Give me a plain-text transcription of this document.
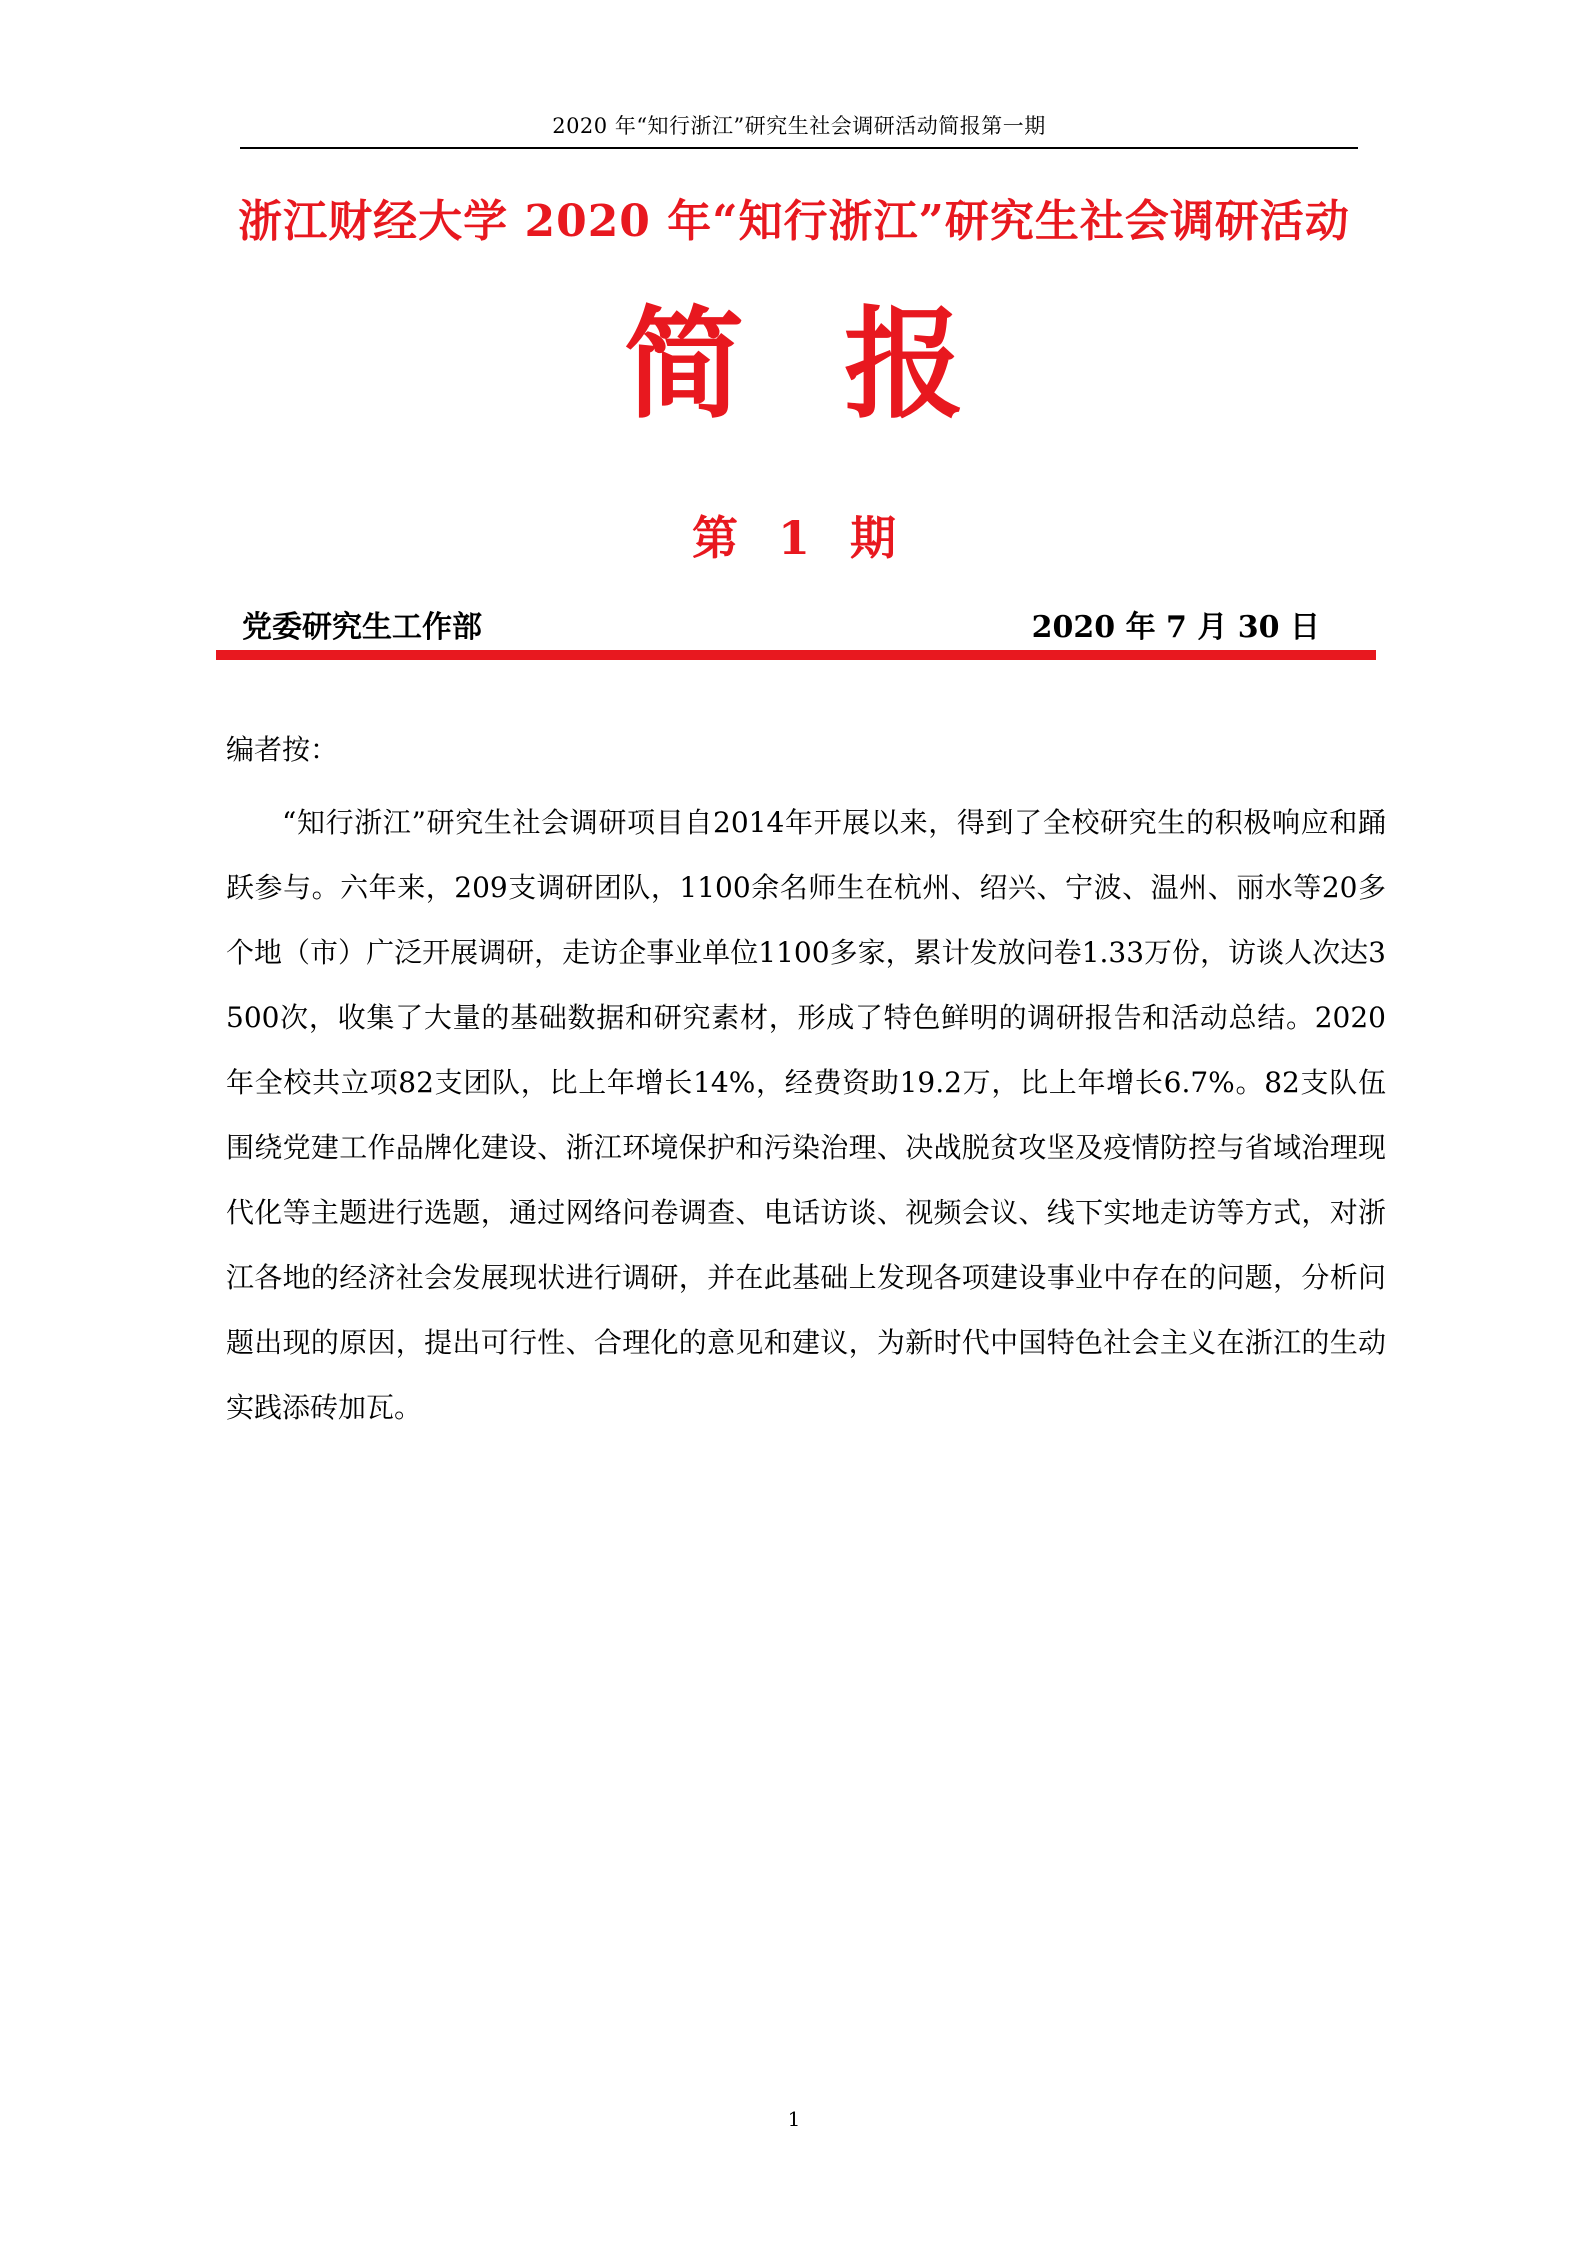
2020 年“知行浙江”研究生社会调研活动简报第一期
浙江财经大学 2020 年“知行浙江”研究生社会调研活动
简报
第 1 期
党委研究生工作部	2020 年 7 月 30 日
编者按：

“知行浙江”研究生社会调研项目自2014年开展以来，得到了全校研究生的积极响应和踊跃参与。六年来，209支调研团队，1100余名师生在杭州、绍兴、宁波、温州、丽水等20多个地（市）广泛开展调研，走访企事业单位1100多家，累计发放问卷1.33万份，访谈人次达3500次，收集了大量的基础数据和研究素材，形成了特色鲜明的调研报告和活动总结。2020年全校共立项82支团队，比上年增长14%，经费资助19.2万，比上年增长6.7%。82支队伍围绕党建工作品牌化建设、浙江环境保护和污染治理、决战脱贫攻坚及疫情防控与省域治理现代化等主题进行选题，通过网络问卷调查、电话访谈、视频会议、线下实地走访等方式，对浙江各地的经济社会发展现状进行调研，并在此基础上发现各项建设事业中存在的问题，分析问题出现的原因，提出可行性、合理化的意见和建议，为新时代中国特色社会主义在浙江的生动实践添砖加瓦。

1
